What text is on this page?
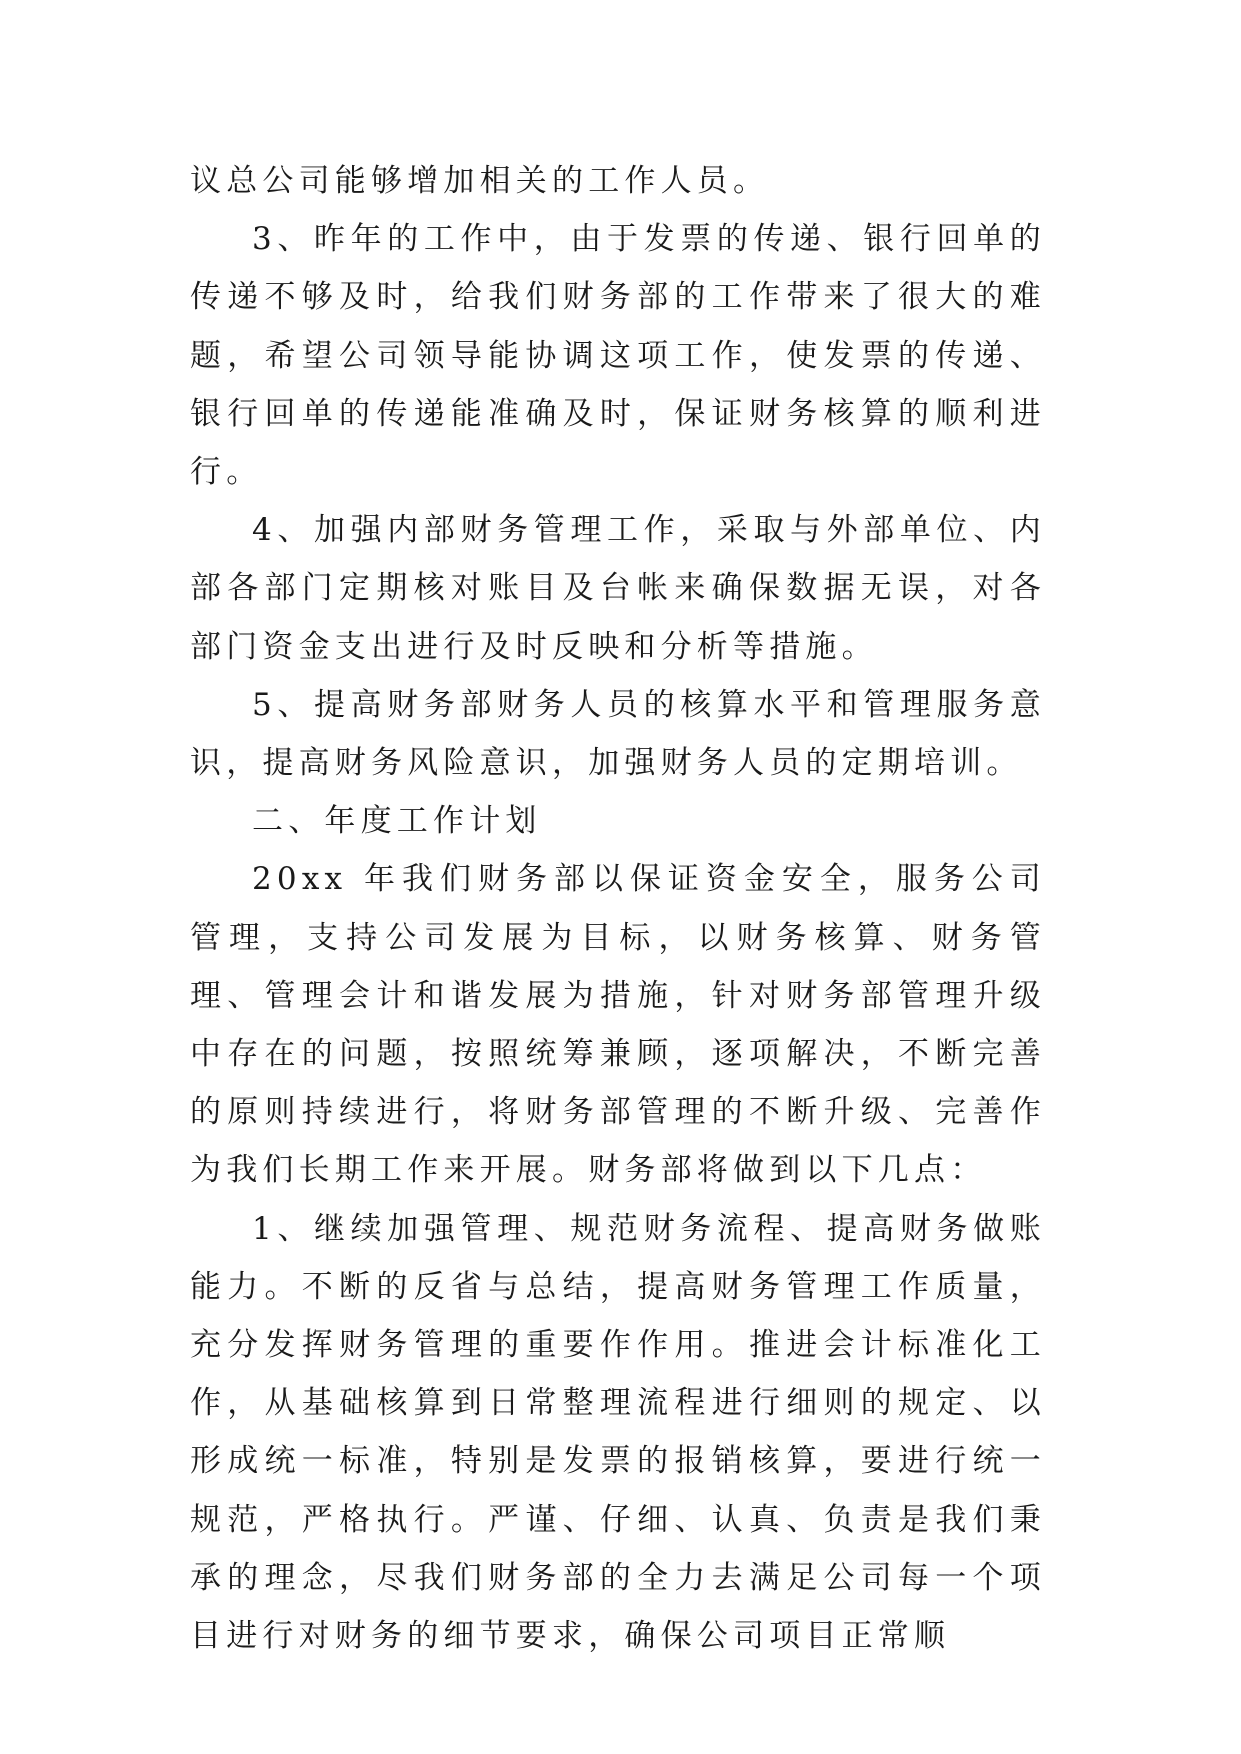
议总公司能够增加相关的工作人员。

3、昨年的工作中，由于发票的传递、银行回单的传递不够及时，给我们财务部的工作带来了很大的难题，希望公司领导能协调这项工作，使发票的传递、银行回单的传递能准确及时，保证财务核算的顺利进行。

4、加强内部财务管理工作，采取与外部单位、内部各部门定期核对账目及台帐来确保数据无误，对各部门资金支出进行及时反映和分析等措施。

5、提高财务部财务人员的核算水平和管理服务意识，提高财务风险意识，加强财务人员的定期培训。

二、年度工作计划

20xx 年我们财务部以保证资金安全，服务公司管理，支持公司发展为目标，以财务核算、财务管理、管理会计和谐发展为措施，针对财务部管理升级中存在的问题，按照统筹兼顾，逐项解决，不断完善的原则持续进行，将财务部管理的不断升级、完善作为我们长期工作来开展。财务部将做到以下几点：

1、继续加强管理、规范财务流程、提高财务做账能力。不断的反省与总结，提高财务管理工作质量，充分发挥财务管理的重要作作用。推进会计标准化工作，从基础核算到日常整理流程进行细则的规定、以形成统一标准，特别是发票的报销核算，要进行统一规范，严格执行。严谨、仔细、认真、负责是我们秉承的理念，尽我们财务部的全力去满足公司每一个项目进行对财务的细节要求，确保公司项目正常顺
